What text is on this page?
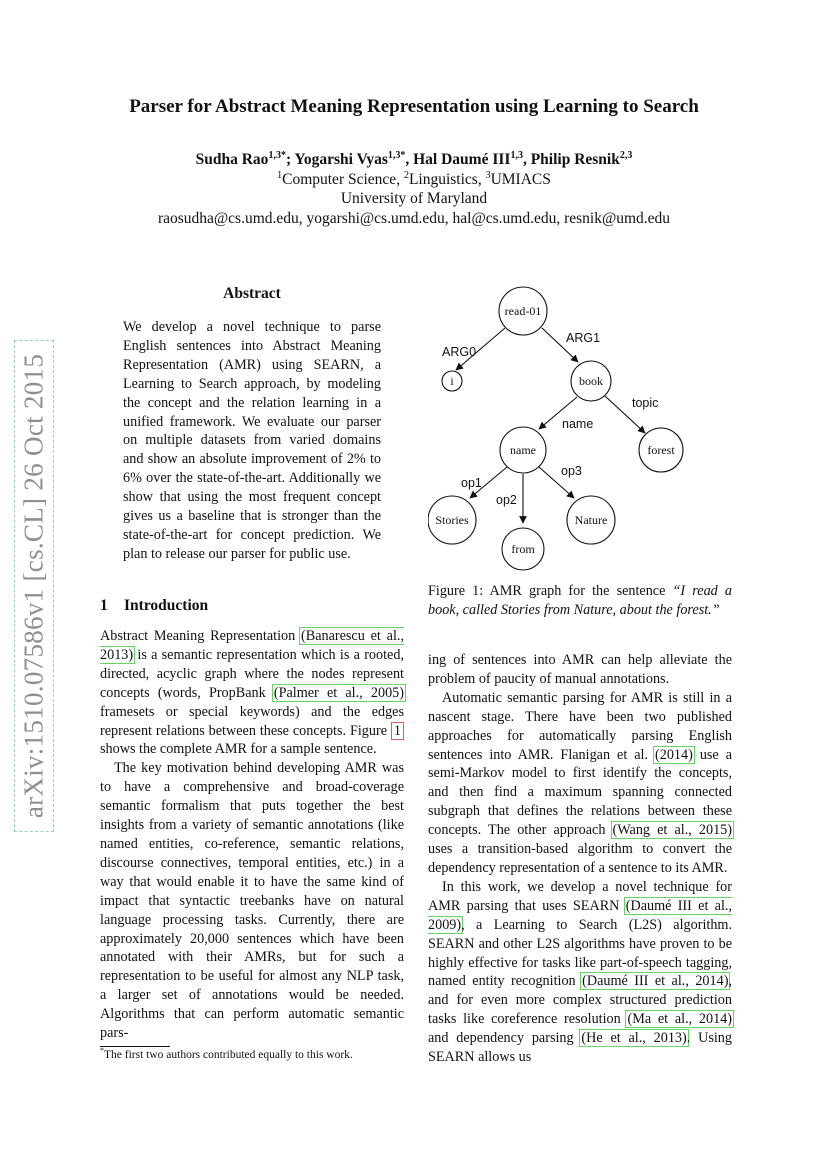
Parser for Abstract Meaning Representation using Learning to Search
Sudha Rao$^{1,3*}$; Yogarshi Vyas$^{1,3*}$, Hal Daumé III$^{1,3}$, Philip Resnik$^{2,3}$
$^1$Computer Science, $^2$Linguistics, $^3$UMIACS
University of Maryland
raosudha@cs.umd.edu, yogarshi@cs.umd.edu, hal@cs.umd.edu, resnik@umd.edu
arXiv:1510.07586v1 [cs.CL] 26 Oct 2015
Abstract
We develop a novel technique to parse English sentences into Abstract Meaning Representation (AMR) using SEARN, a Learning to Search approach, by modeling the concept and the relation learning in a unified framework. We evaluate our parser on multiple datasets from varied domains and show an absolute improvement of 2% to 6% over the state-of-the-art. Additionally we show that using the most frequent concept gives us a baseline that is stronger than the state-of-the-art for concept prediction. We plan to release our parser for public use.
1 Introduction

Abstract Meaning Representation (Banarescu et al., 2013) is a semantic representation which is a rooted, directed, acyclic graph where the nodes represent concepts (words, PropBank (Palmer et al., 2005) framesets or special keywords) and the edges represent relations between these concepts. Figure 1 shows the complete AMR for a sample sentence.

The key motivation behind developing AMR was to have a comprehensive and broad-coverage semantic formalism that puts together the best insights from a variety of semantic annotations (like named entities, co-reference, semantic relations, discourse connectives, temporal entities, etc.) in a way that would enable it to have the same kind of impact that syntactic treebanks have on natural language processing tasks. Currently, there are approximately 20,000 sentences which have been annotated with their AMRs, but for such a representation to be useful for almost any NLP task, a larger set of annotations would be needed. Algorithms that can perform automatic semantic pars-

*The first two authors contributed equally to this work.
read-01
i	book
name	forest
Stories
from
Nature
ARG0
ARG1
topic
name
op1
op2
op3
Figure 1: AMR graph for the sentence “I read a book, called Stories from Nature, about the forest.”

ing of sentences into AMR can help alleviate the problem of paucity of manual annotations.

Automatic semantic parsing for AMR is still in a nascent stage. There have been two published approaches for automatically parsing English sentences into AMR. Flanigan et al. (2014) use a semi-Markov model to first identify the concepts, and then find a maximum spanning connected subgraph that defines the relations between these concepts. The other approach (Wang et al., 2015) uses a transition-based algorithm to convert the dependency representation of a sentence to its AMR.

In this work, we develop a novel technique for AMR parsing that uses SEARN (Daumé III et al., 2009), a Learning to Search (L2S) algorithm. SEARN and other L2S algorithms have proven to be highly effective for tasks like part-of-speech tagging, named entity recognition (Daumé III et al., 2014), and for even more complex structured prediction tasks like coreference resolution (Ma et al., 2014) and dependency parsing (He et al., 2013). Using SEARN allows us
